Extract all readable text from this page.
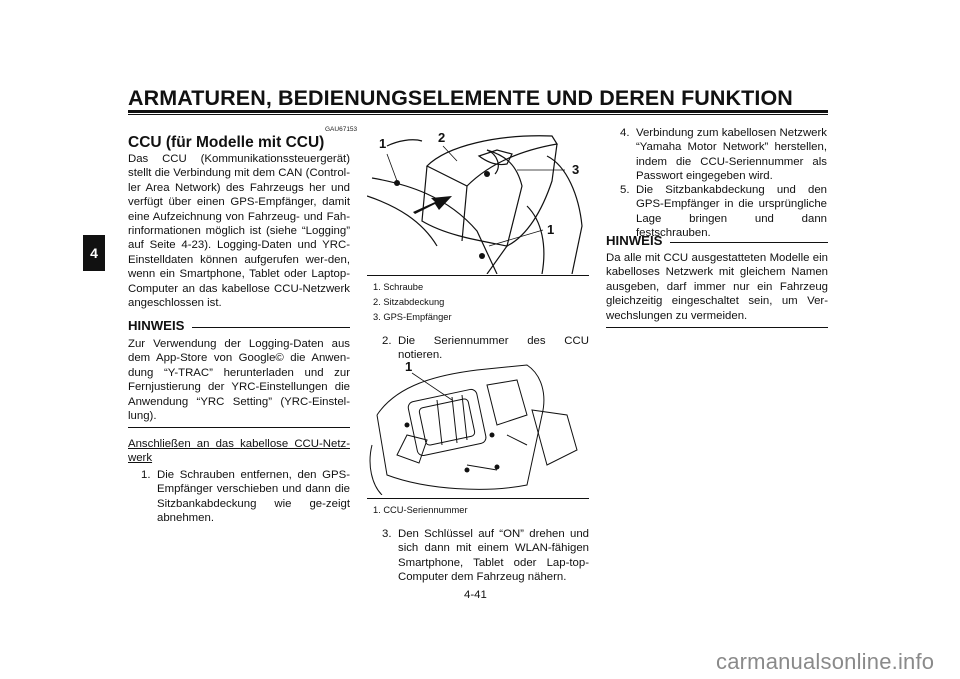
ARMATUREN, BEDIENUNGSELEMENTE UND DEREN FUNKTION
4
GAU67153
CCU (für Modelle mit CCU)
Das CCU (Kommunikationssteuergerät) stellt die Verbindung mit dem CAN (Control-ler Area Network) des Fahrzeugs her und verfügt über einen GPS-Empfänger, damit eine Aufzeichnung von Fahrzeug- und Fah-rinformationen möglich ist (siehe “Logging” auf Seite 4-23). Logging-Daten und YRC-Einstelldaten können aufgerufen wer-den, wenn ein Smartphone, Tablet oder Laptop-Computer an das kabellose CCU-Netzwerk angeschlossen ist.
HINWEIS
Zur Verwendung der Logging-Daten aus dem App-Store von Google© die Anwen-dung “Y-TRAC” herunterladen und zur Fernjustierung der YRC-Einstellungen die Anwendung “YRC Setting” (YRC-Einstel-lung).
Anschließen an das kabellose CCU-Netz-werk
1. Die Schrauben entfernen, den GPS-Empfänger verschieben und dann die Sitzbankabdeckung wie ge-zeigt abnehmen.
1	2
3
1
1. Schraube
2. Sitzabdeckung
3. GPS-Empfänger
2. Die Seriennummer des CCU notieren.
1
1. CCU-Seriennummer
3. Den Schlüssel auf “ON” drehen und sich dann mit einem WLAN-fähigen Smartphone, Tablet oder Lap-top-Computer dem Fahrzeug nähern.
4-41
4. Verbindung zum kabellosen Netzwerk “Yamaha Motor Network” herstellen, indem die CCU-Seriennummer als Passwort eingegeben wird.
5. Die Sitzbankabdeckung und den GPS-Empfänger in die ursprüngliche Lage bringen und dann festschrauben.
HINWEIS
Da alle mit CCU ausgestatteten Modelle ein kabelloses Netzwerk mit gleichem Namen ausgeben, darf immer nur ein Fahrzeug gleichzeitig eingeschaltet sein, um Ver-wechslungen zu vermeiden.
carmanualsonline.info
